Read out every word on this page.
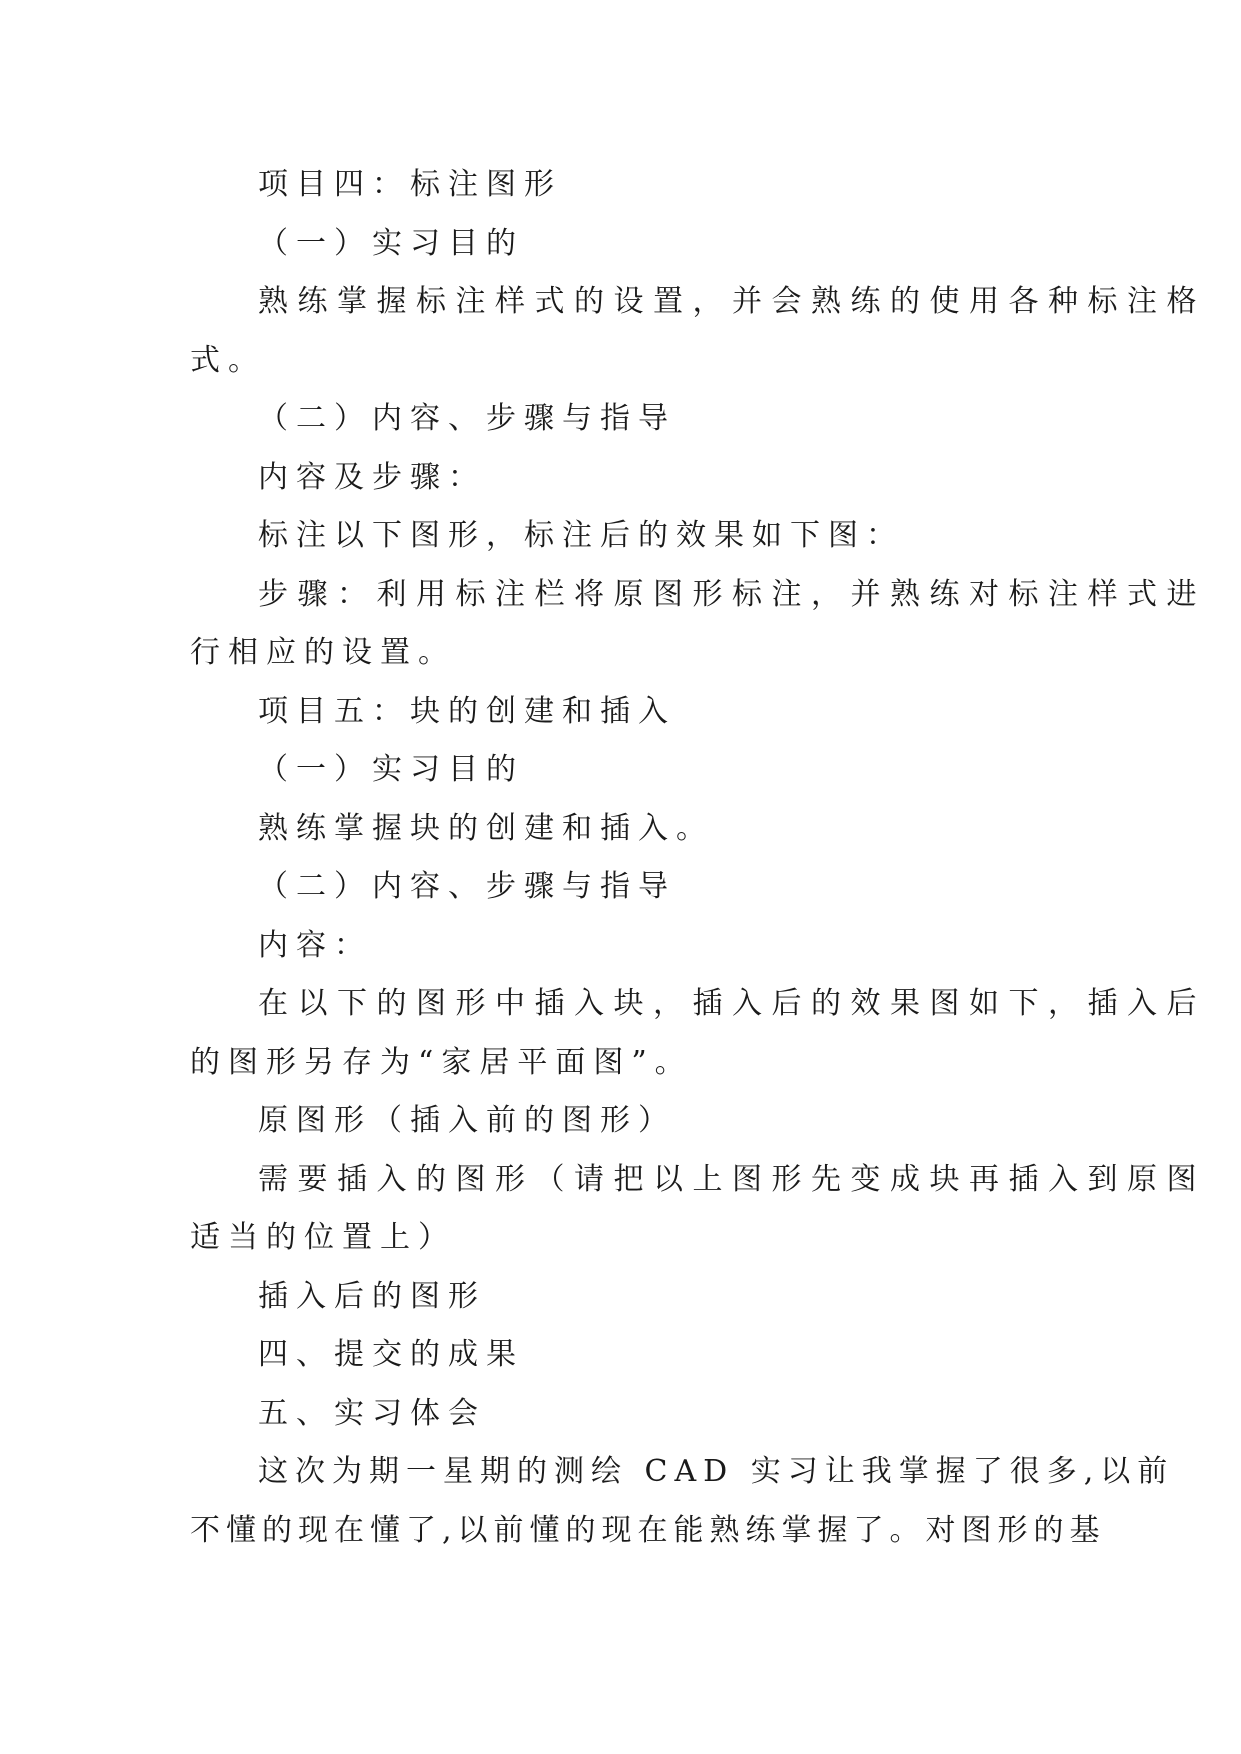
项目四：标注图形
（一）实习目的
熟练掌握标注样式的设置，并会熟练的使用各种标注格
式。
（二）内容、步骤与指导
内容及步骤：
标注以下图形，标注后的效果如下图：
步骤：利用标注栏将原图形标注，并熟练对标注样式进
行相应的设置。
项目五：块的创建和插入
（一）实习目的
熟练掌握块的创建和插入。
（二）内容、步骤与指导
内容：
在以下的图形中插入块，插入后的效果图如下，插入后
的图形另存为“家居平面图”。
原图形（插入前的图形）
需要插入的图形（请把以上图形先变成块再插入到原图
适当的位置上）
插入后的图形
四、提交的成果
五、实习体会
这次为期一星期的测绘 CAD 实习让我掌握了很多,以前
不懂的现在懂了,以前懂的现在能熟练掌握了。对图形的基
